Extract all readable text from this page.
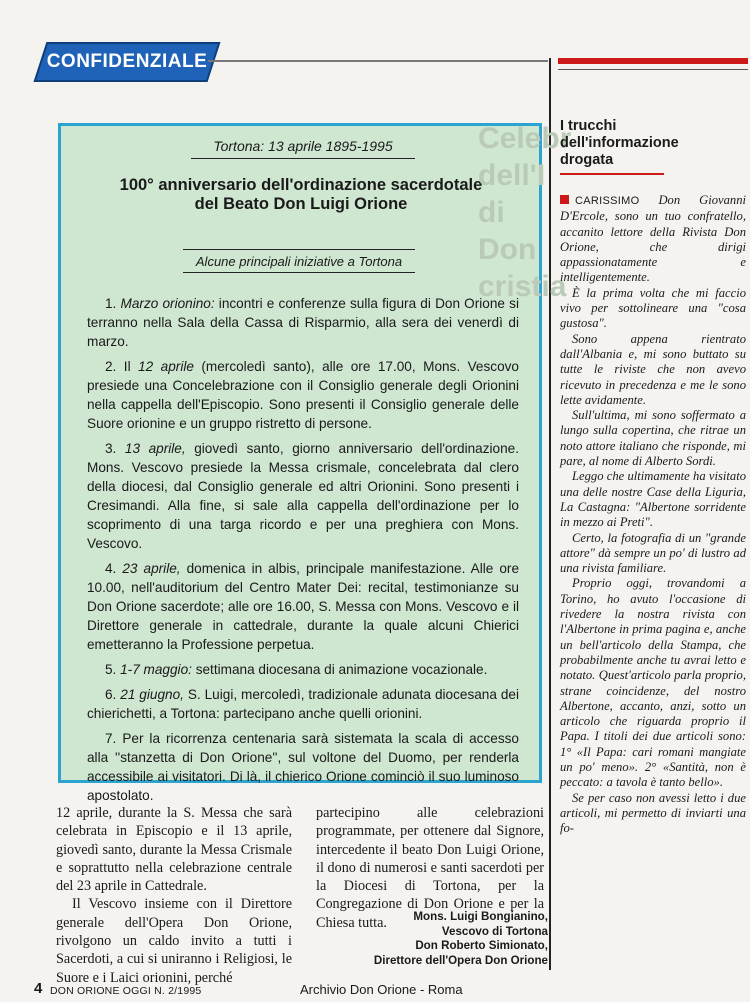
CONFIDENZIALE
Tortona: 13 aprile 1895-1995
100° anniversario dell'ordinazione sacerdotale
del Beato Don Luigi Orione
Alcune principali iniziative a Tortona

1. Marzo orionino: incontri e conferenze sulla figura di Don Orione si terranno nella Sala della Cassa di Risparmio, alla sera dei venerdì di marzo.

2. Il 12 aprile (mercoledì santo), alle ore 17.00, Mons. Vescovo presiede una Concelebrazione con il Consiglio generale degli Orionini nella cappella dell'Episcopio. Sono presenti il Consiglio generale delle Suore orionine e un gruppo ristretto di persone.

3. 13 aprile, giovedì santo, giorno anniversario dell'ordinazione. Mons. Vescovo presiede la Messa crismale, concelebrata dal clero della diocesi, dal Consiglio generale ed altri Orionini. Sono presenti i Cresimandi. Alla fine, si sale alla cappella dell'ordinazione per lo scoprimento di una targa ricordo e per una preghiera con Mons. Vescovo.

4. 23 aprile, domenica in albis, principale manifestazione. Alle ore 10.00, nell'auditorium del Centro Mater Dei: recital, testimonianze su Don Orione sacerdote; alle ore 16.00, S. Messa con Mons. Vescovo e il Direttore generale in cattedrale, durante la quale alcuni Chierici emetteranno la Professione perpetua.

5. 1-7 maggio: settimana diocesana di animazione vocazionale.

6. 21 giugno, S. Luigi, mercoledì, tradizionale adunata diocesana dei chierichetti, a Tortona: partecipano anche quelli orionini.

7. Per la ricorrenza centenaria sarà sistemata la scala di accesso alla ''stanzetta di Don Orione'', sul voltone del Duomo, per renderla accessibile ai visitatori. Di là, il chierico Orione cominciò il suo luminoso apostolato.

Celebr
dell'I
di Don
cristia

12 aprile, durante la S. Messa che sarà celebrata in Episcopio e il 13 aprile, giovedì santo, durante la Messa Crismale e soprattutto nella celebrazione centrale del 23 aprile in Cattedrale.

Il Vescovo insieme con il Direttore generale dell'Opera Don Orione, rivolgono un caldo invito a tutti i Sacerdoti, a cui si uniranno i Religiosi, le Suore e i Laici orionini, perché

partecipino alle celebrazioni programmate, per ottenere dal Signore, intercedente il beato Don Luigi Orione, il dono di numerosi e santi sacerdoti per la Diocesi di Tortona, per la Congregazione di Don Orione e per la Chiesa tutta.	Mons. Luigi Bongianino,
Vescovo di Tortona
Don Roberto Simionato,
Direttore dell'Opera Don Orione
I trucchi
dell'informazione
drogata

CARISSIMO Don Giovanni D'Ercole, sono un tuo confratello, accanito lettore della Rivista Don Orione, che dirigi appassionatamente e intelligentemente.

È la prima volta che mi faccio vivo per sottolineare una "cosa gustosa".

Sono appena rientrato dall'Albania e, mi sono buttato su tutte le riviste che non avevo ricevuto in precedenza e me le sono lette avidamente.

Sull'ultima, mi sono soffermato a lungo sulla copertina, che ritrae un noto attore italiano che risponde, mi pare, al nome di Alberto Sordi.

Leggo che ultimamente ha visitato una delle nostre Case della Liguria, La Castagna: "Albertone sorridente in mezzo ai Preti".

Certo, la fotografia di un "grande attore" dà sempre un po' di lustro ad una rivista familiare.

Proprio oggi, trovandomi a Torino, ho avuto l'occasione di rivedere la nostra rivista con l'Albertone in prima pagina e, anche un bell'articolo della Stampa, che probabilmente anche tu avrai letto e notato. Quest'articolo parla proprio, strane coincidenze, del nostro Albertone, accanto, anzi, sotto un articolo che riguarda proprio il Papa. I titoli dei due articoli sono: 1° «Il Papa: cari romani mangiate un po' meno». 2° «Santità, non è peccato: a tavola è tanto bello».

Se per caso non avessi letto i due articoli, mi permetto di inviarti una fo-

4 DON ORIONE OGGI N. 2/1995	Archivio Don Orione - Roma
